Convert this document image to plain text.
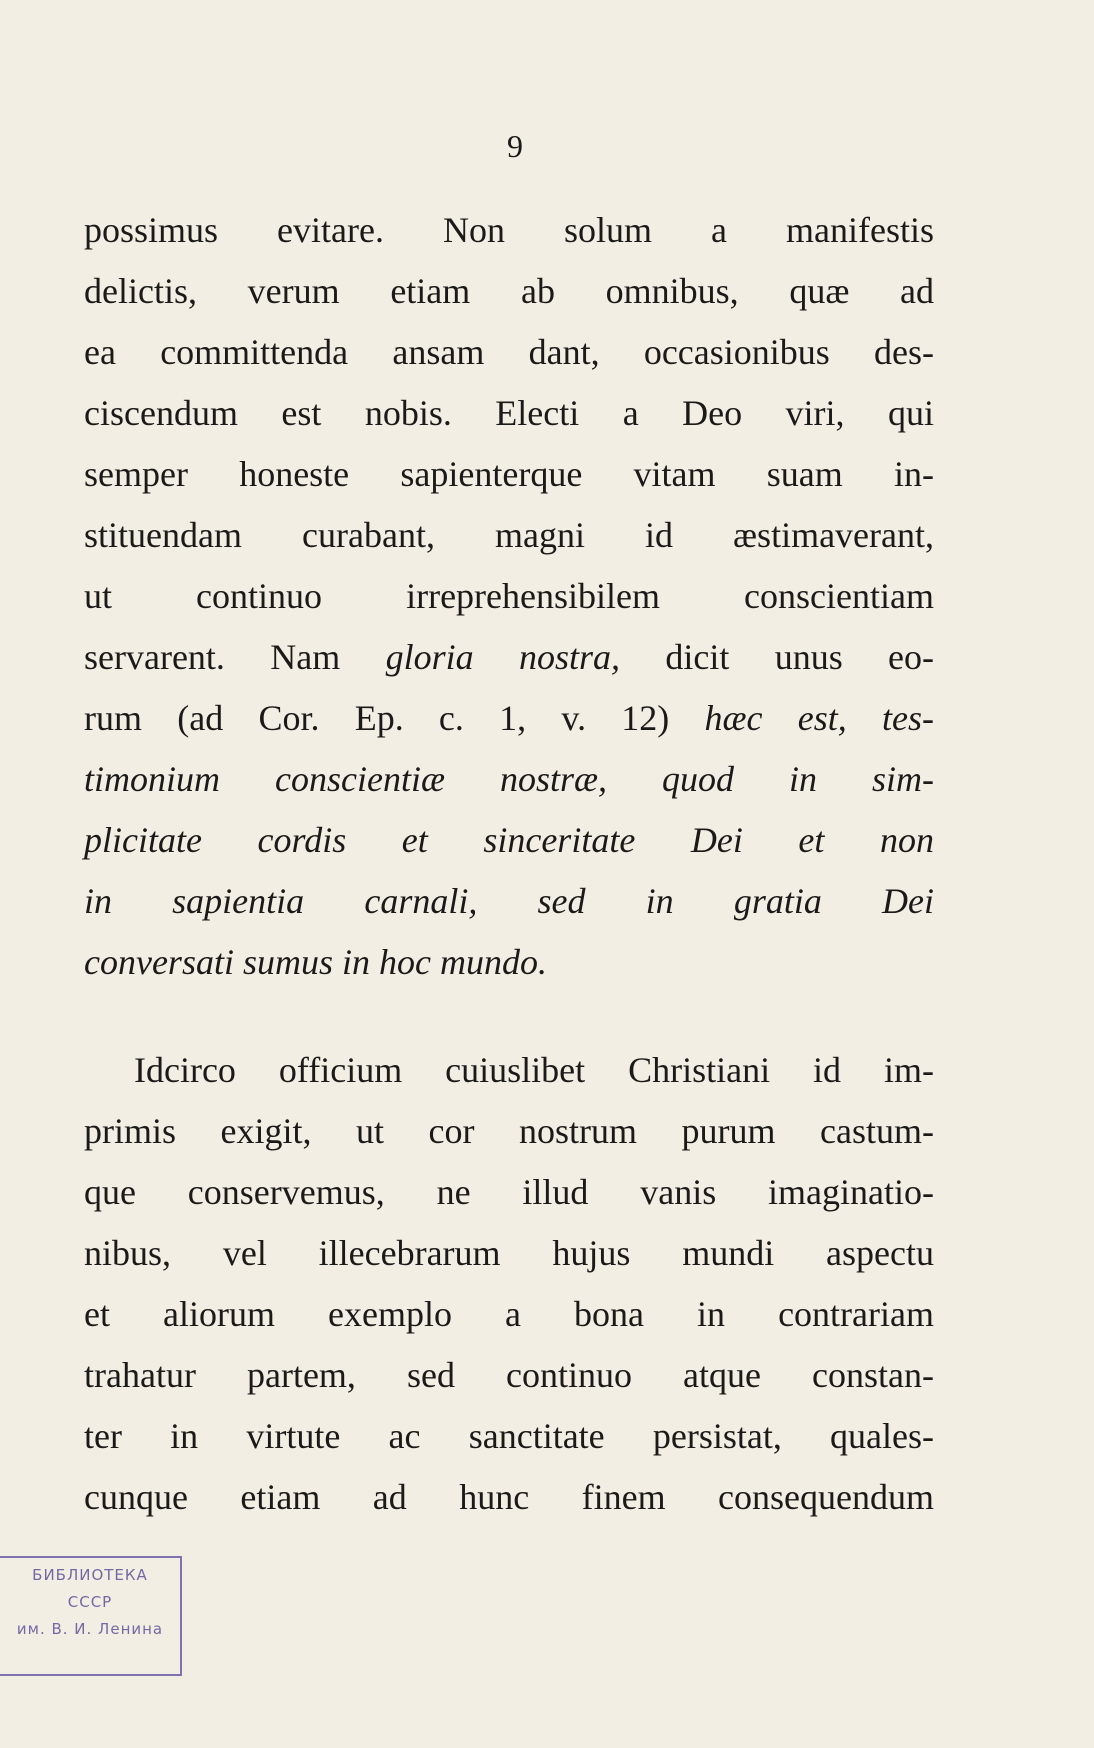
9
possimus evitare. Non solum a manifestis
delictis, verum etiam ab omnibus, quæ ad
ea committenda ansam dant, occasionibus des-
ciscendum est nobis. Electi a Deo viri, qui
semper honeste sapienterque vitam suam in-
stituendam curabant, magni id æstimaverant,
ut continuo irreprehensibilem conscientiam
servarent. Nam gloria nostra, dicit unus eo-
rum (ad Cor. Ep. c. 1, v. 12) hæc est, tes-
timonium conscientiæ nostræ, quod in sim-
plicitate cordis et sinceritate Dei et non
in sapientia carnali, sed in gratia Dei
conversati sumus in hoc mundo.
Idcirco officium cuiuslibet Christiani id im-
primis exigit, ut cor nostrum purum castum-
que conservemus, ne illud vanis imaginatio-
nibus, vel illecebrarum hujus mundi aspectu
et aliorum exemplo a bona in contrariam
trahatur partem, sed continuo atque constan-
ter in virtute ac sanctitate persistat, quales-
cunque etiam ad hunc finem consequendum
БИБЛИОТЕКА
СССР
им. В. И. Ленина
